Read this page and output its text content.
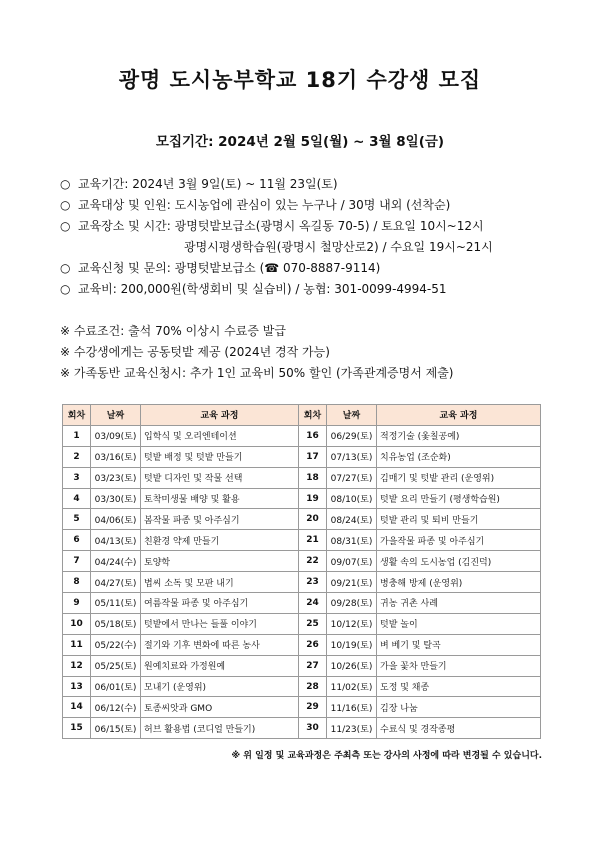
광명 도시농부학교 18기 수강생 모집
모집기간: 2024년 2월 5일(월) ~ 3월 8일(금)
○ 교육기간: 2024년 3월 9일(토) ~ 11월 23일(토)
○ 교육대상 및 인원: 도시농업에 관심이 있는 누구나 / 30명 내외 (선착순)
○ 교육장소 및 시간: 광명텃밭보급소(광명시 옥길동 70-5) / 토요일 10시~12시
광명시평생학습원(광명시 철망산로2) / 수요일 19시~21시
○ 교육신청 및 문의: 광명텃밭보급소 (☎ 070-8887-9114)
○ 교육비: 200,000원(학생회비 및 실습비) / 농협: 301-0099-4994-51
※ 수료조건: 출석 70% 이상시 수료증 발급
※ 수강생에게는 공동텃밭 제공 (2024년 경작 가능)
※ 가족동반 교육신청시: 추가 1인 교육비 50% 할인 (가족관계증명서 제출)
회차	날짜	교육 과정	회차	날짜	교육 과정
1	03/09(토)	입학식 및 오리엔테이션	16	06/29(토)	적정기술 (옻칠공예)
2	03/16(토)	텃밭 배정 및 텃밭 만들기	17	07/13(토)	치유농업 (조순화)
3	03/23(토)	텃밭 디자인 및 작물 선택	18	07/27(토)	김매기 및 텃밭 관리 (운영위)
4	03/30(토)	토착미생물 배양 및 활용	19	08/10(토)	텃밭 요리 만들기 (평생학습원)
5	04/06(토)	봄작물 파종 및 아주심기	20	08/24(토)	텃밭 관리 및 퇴비 만들기
6	04/13(토)	친환경 약제 만들기	21	08/31(토)	가을작물 파종 및 아주심기
7	04/24(수)	토양학	22	09/07(토)	생활 속의 도시농업 (김진덕)
8	04/27(토)	볍씨 소독 및 모판 내기	23	09/21(토)	병충해 방제 (운영위)
9	05/11(토)	여름작물 파종 및 아주심기	24	09/28(토)	귀농 귀촌 사례
10	05/18(토)	텃밭에서 만나는 들풀 이야기	25	10/12(토)	텃밭 놀이
11	05/22(수)	절기와 기후 변화에 따른 농사	26	10/19(토)	벼 베기 및 탈곡
12	05/25(토)	원예치료와 가정원예	27	10/26(토)	가을 꽃차 만들기
13	06/01(토)	모내기 (운영위)	28	11/02(토)	도정 및 채종
14	06/12(수)	토종씨앗과 GMO	29	11/16(토)	김장 나눔
15	06/15(토)	허브 활용법 (코디얼 만들기)	30	11/23(토)	수료식 및 경작종평
※ 위 일정 및 교육과정은 주최측 또는 강사의 사정에 따라 변경될 수 있습니다.
